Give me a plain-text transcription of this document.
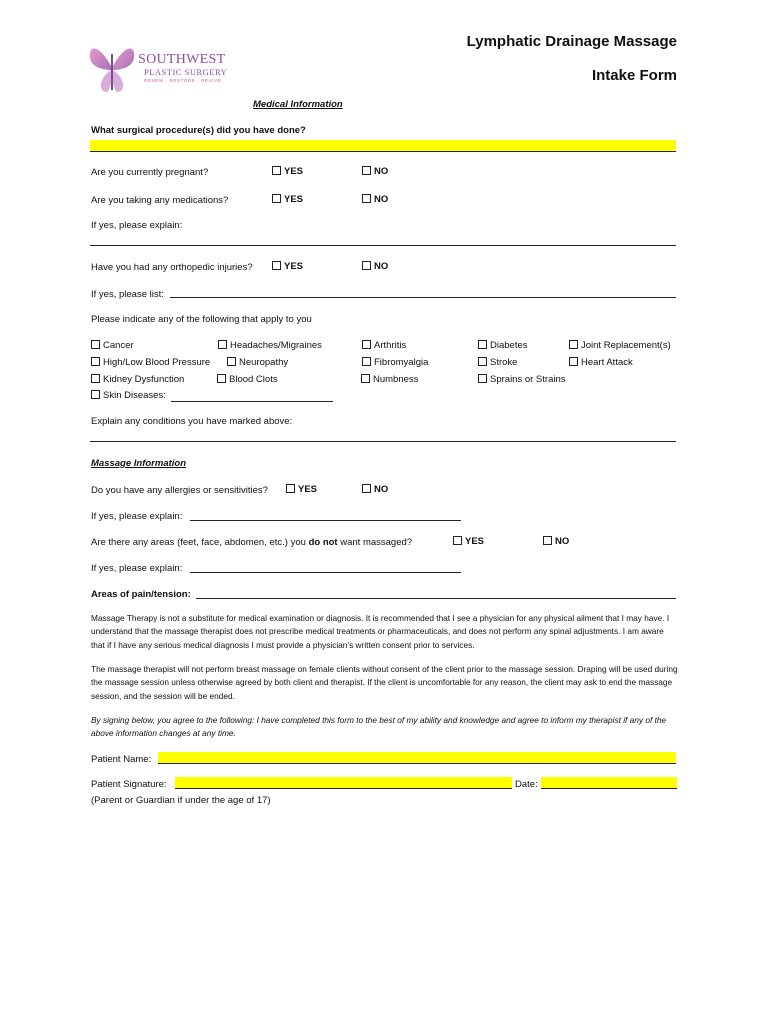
SOUTHWEST
PLASTIC SURGERY
RENEW · RESTORE · REVIVE
Lymphatic Drainage Massage
Intake Form
Medical Information
What surgical procedure(s) did you have done?
Are you currently pregnant?	YES	NO
Are you taking any medications?	YES	NO
If yes, please explain:
Have you had any orthopedic injuries?	YES	NO
If yes, please list:
Please indicate any of the following that apply to you
Cancer	Headaches/Migraines	Arthritis	Diabetes	Joint Replacement(s)
High/Low Blood Pressure	Neuropathy	Fibromyalgia	Stroke	Heart Attack
Kidney Dysfunction	Blood Clots	Numbness	Sprains or Strains
Skin Diseases:
Explain any conditions you have marked above:
Massage Information
Do you have any allergies or sensitivities?	YES	NO
If yes, please explain:
Are there any areas (feet, face, abdomen, etc.) you do not want massaged?	YES	NO
If yes, please explain:
Areas of pain/tension:
Massage Therapy is not a substitute for medical examination or diagnosis. It is recommended that I see a physician for any physical ailment that I may have. I understand that the massage therapist does not prescribe medical treatments or pharmaceuticals, and does not perform any spinal adjustments. I am aware that if I have any serious medical diagnosis I must provide a physician’s written consent prior to services.
The massage therapist will not perform breast massage on female clients without consent of the client prior to the massage session. Draping will be used during the massage session unless otherwise agreed by both client and therapist. If the client is uncomfortable for any reason, the client may ask to end the massage session, and the session will be ended.
By signing below, you agree to the following: I have completed this form to the best of my ability and knowledge and agree to inform my therapist if any of the above information changes at any time.
Patient Name:
Patient Signature:	Date:
(Parent or Guardian if under the age of 17)
